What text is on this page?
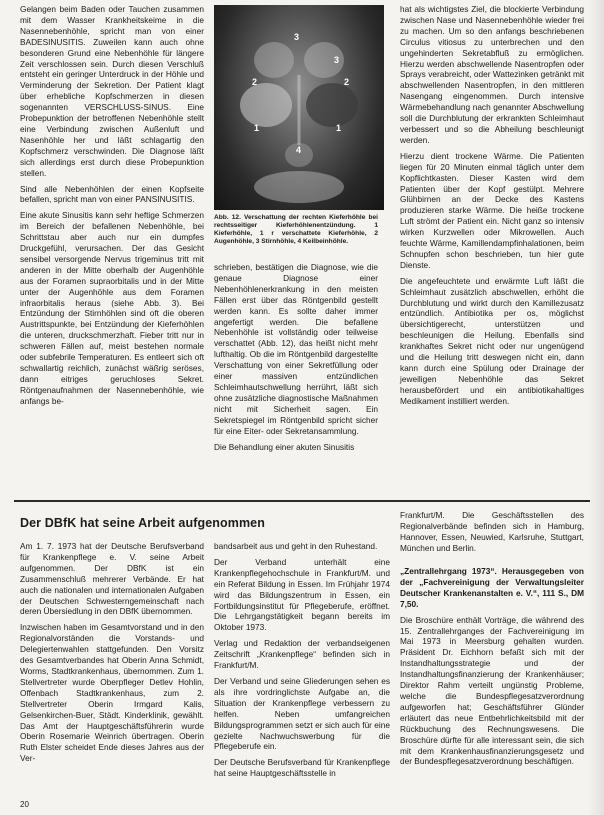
Gelangen beim Baden oder Tauchen zusammen mit dem Wasser Krankheitskeime in die Nasennebenhöhle, spricht man von einer BADESINUSITIS. Zuweilen kann auch ohne besonderen Grund eine Nebenhöhle für längere Zeit verschlossen sein. Durch diesen Verschluß entsteht ein geringer Unterdruck in der Höhle und Verminderung der Sekretion. Der Patient klagt über erhebliche Kopfschmerzen in diesen sogenannten VERSCHLUSS-SINUS. Eine Probepunktion der betroffenen Nebenhöhle stellt eine Verbindung zwischen Außenluft und Nasenhöhle her und läßt schlagartig den Kopfschmerz verschwinden. Die Diagnose läßt sich allerdings erst durch diese Probepunktion stellen.

Sind alle Nebenhöhlen der einen Kopfseite befallen, spricht man von einer PANSINUSITIS.

Eine akute Sinusitis kann sehr heftige Schmerzen im Bereich der befallenen Nebenhöhle, bei Schrittstau aber auch nur ein dumpfes Druckgefühl, verursachen. Der das Gesicht sensibel versorgende Nervus trigeminus tritt mit anderen in der Mitte oberhalb der Augenhöhle aus der Foramen supraorbitalis und in der Mitte unter der Augenhöhle aus dem Foramen infraorbitalis heraus (siehe Abb. 3). Bei Entzündung der Stirnhöhlen sind oft die oberen Austrittspunkte, bei Entzündung der Kieferhöhlen die unteren, druckschmerzhaft. Fieber tritt nur in schweren Fällen auf, meist bestehen normale oder subfebrile Temperaturen. Es entleert sich oft schwallartig reichlich, zunächst wäßrig seröses, dann eitriges geruchloses Sekret. Röntgenaufnahmen der Nasennebenhöhle, wie anfangs be-

3
3
2	2
1	1
4
Abb. 12. Verschattung der rechten Kieferhöhle bei rechtsseitiger Kieferhöhlenentzündung. 1 Kieferhöhle, 1 r verschattete Kieferhöhle, 2 Augenhöhle, 3 Stirnhöhle, 4 Keilbeinhöhle.

schrieben, bestätigen die Diagnose, wie die genaue Diagnose einer Nebenhöhlenerkrankung in den meisten Fällen erst über das Röntgenbild gestellt werden kann. Es sollte daher immer angefertigt werden. Die befallene Nebenhöhle ist vollständig oder teilweise verschattet (Abb. 12), das heißt nicht mehr lufthaltig. Ob die im Röntgenbild dargestellte Verschattung von einer Sekretfüllung oder einer massiven entzündlichen Schleimhautschwellung herrührt, läßt sich ohne zusätzliche diagnostische Maßnahmen nicht mit Sicherheit sagen. Ein Sekretspiegel im Röntgenbild spricht sicher für eine Eiter- oder Sekretansammlung.

Die Behandlung einer akuten Sinusitis

hat als wichtigstes Ziel, die blockierte Verbindung zwischen Nase und Nasennebenhöhle wieder frei zu machen. Um so den anfangs beschriebenen Circulus vitiosus zu unterbrechen und den ungehinderten Sekretabfluß zu ermöglichen. Hierzu werden abschwellende Nasentropfen oder Sprays verabreicht, oder Wattezinken getränkt mit abschwellenden Nasentropfen, in den mittleren Nasengang eingenommen. Durch intensive Wärmebehandlung nach genannter Abschwellung soll die Durchblutung der erkrankten Schleimhaut verbessert und so die Abheilung beschleunigt werden.

Hierzu dient trockene Wärme. Die Patienten liegen für 20 Minuten einmal täglich unter dem Kopflichtkasten. Dieser Kasten wird dem Patienten über der Kopf gestülpt. Mehrere Glühbirnen an der Decke des Kastens produzieren starke Wärme. Die heiße trockene Luft strömt der Patient ein. Nicht ganz so intensiv wirken Kurzwellen oder Mikrowellen. Auch feuchte Wärme, Kamillendampfinhalationen, beim Schnupfen schon beschrieben, tun hier gute Dienste.

Die angefeuchtete und erwärmte Luft läßt die Schleimhaut zusätzlich abschwellen, erhöht die Durchblutung und wirkt durch den Kamillezusatz entzündlich. Antibiotika per os, möglichst übersichtigerecht, unterstützen und beschleunigen die Heilung. Ebenfalls sind krankhaftes Sekret nicht oder nur ungenügend und die Heilung tritt deswegen nicht ein, dann kann durch eine Spülung oder Drainage der jeweiligen Nebenhöhle das Sekret herausbefördert und ein antibiotikahaltiges Medikament instilliert werden.

Der DBfK hat seine Arbeit aufgenommen

Am 1. 7. 1973 hat der Deutsche Berufsverband für Krankenpflege e. V. seine Arbeit aufgenommen. Der DBfK ist ein Zusammenschluß mehrerer Verbände. Er hat auch die nationalen und internationalen Aufgaben der Deutschen Schwesterngemeinschaft nach deren Übersiedlung in den DBfK übernommen.

Inzwischen haben im Gesamtvorstand und in den Regionalvorständen die Vorstands- und Delegiertenwahlen stattgefunden. Den Vorsitz des Gesamtverbandes hat Oberin Anna Schmidt, Worms, Stadtkrankenhaus, übernommen. Zum 1. Stellvertreter wurde Oberpfleger Detlev Hohlin, Offenbach Stadtkrankenhaus, zum 2. Stellvertreter Oberin Irmgard Kalis, Gelsenkirchen-Buer, Städt. Kinderklinik, gewählt. Das Amt der Hauptgeschäftsführerin wurde Oberin Rosemarie Weinrich übertragen. Oberin Ruth Elster scheidet Ende dieses Jahres aus der Ver-

bandsarbeit aus und geht in den Ruhestand.

Der Verband unterhält eine Krankenpflegehochschule in Frankfurt/M. und ein Referat Bildung in Essen. Im Frühjahr 1974 wird das Bildungszentrum in Essen, ein Fortbildungsinstitut für Pflegeberufe, eröffnet. Die Lehrgangstätigkeit begann bereits im Oktober 1973.

Verlag und Redaktion der verbandseigenen Zeitschrift „Krankenpflege“ befinden sich in Frankfurt/M.

Der Verband und seine Gliederungen sehen es als ihre vordringlichste Aufgabe an, die Situation der Krankenpflege verbessern zu helfen. Neben umfangreichen Bildungsprogrammen setzt er sich auch für eine gezielte Nachwuchswerbung für die Pflegeberufe ein.

Der Deutsche Berufsverband für Krankenpflege hat seine Hauptgeschäftsstelle in

Frankfurt/M. Die Geschäftsstellen des Regionalverbände befinden sich in Hamburg, Hannover, Essen, Neuwied, Karlsruhe, Stuttgart, München und Berlin.

„Zentrallehrgang 1973“. Herausgegeben von der „Fachvereinigung der Verwaltungsleiter Deutscher Krankenanstalten e. V.“, 111 S., DM 7,50.

Die Broschüre enthält Vorträge, die während des 15. Zentrallehrganges der Fachvereinigung im Mai 1973 in Meersburg gehalten wurden. Präsident Dr. Eichhorn befaßt sich mit der Instandhaltungsstrategie und der Instandhaltungsfinanzierung der Krankenhäuser; Direktor Rahm verteilt ungünstig Probleme, welche die Bundespflegesatzverordnung aufgeworfen hat; Geschäftsführer Glünder erläutert das neue Entbehrlichkeitsbild mit der Rückbuchung des Rechnungswesens. Die Broschüre dürfte für alle interessant sein, die sich mit dem Krankenhausfinanzierungsgesetz und der Bundespflegesatzverordnung beschäftigen.

20
